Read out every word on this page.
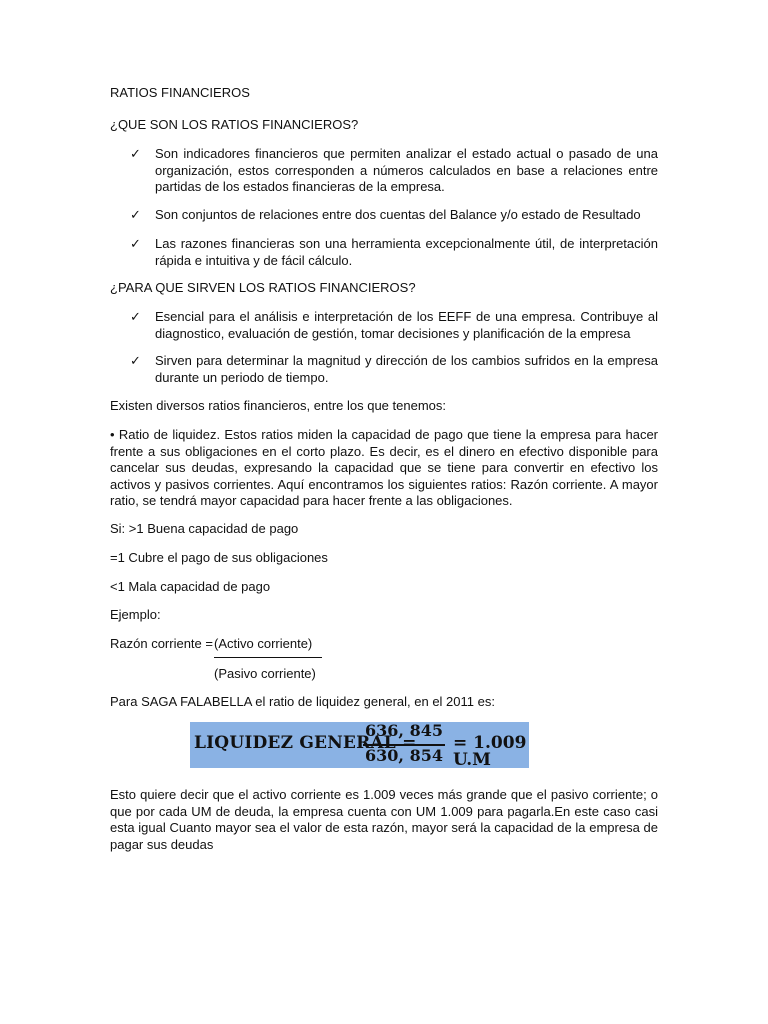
RATIOS FINANCIEROS
¿QUE SON LOS RATIOS FINANCIEROS?
✓ Son indicadores financieros que permiten analizar el estado actual o pasado de una organización, estos corresponden a números calculados en base a relaciones entre partidas de los estados financieras de la empresa.
✓ Son conjuntos de relaciones entre dos cuentas del Balance y/o estado de Resultado
✓ Las razones financieras son una herramienta excepcionalmente útil, de interpretación rápida e intuitiva y de fácil cálculo.
¿PARA QUE SIRVEN LOS RATIOS FINANCIEROS?
✓ Esencial para el análisis e interpretación de los EEFF de una empresa. Contribuye al diagnostico, evaluación de gestión, tomar decisiones y planificación de la empresa
✓ Sirven para determinar la magnitud y dirección de los cambios sufridos en la empresa durante un periodo de tiempo.
Existen diversos ratios financieros, entre los que tenemos:
• Ratio de liquidez. Estos ratios miden la capacidad de pago que tiene la empresa para hacer frente a sus obligaciones en el corto plazo. Es decir, es el dinero en efectivo disponible para cancelar sus deudas, expresando la capacidad que se tiene para convertir en efectivo los activos y pasivos corrientes. Aquí encontramos los siguientes ratios: Razón corriente. A mayor ratio, se tendrá mayor capacidad para hacer frente a las obligaciones.
Si: >1 Buena capacidad de pago
=1 Cubre el pago de sus obligaciones
<1 Mala capacidad de pago
Ejemplo:
Razón corriente = (Activo corriente)
(Pasivo corriente)
Para SAGA FALABELLA el ratio de liquidez general, en el 2011 es:
LIQUIDEZ GENERAL =
636, 845
630, 854
= 1.009 U.M
Esto quiere decir que el activo corriente es 1.009 veces más grande que el pasivo corriente; o que por cada UM de deuda, la empresa cuenta con UM 1.009 para pagarla.En este caso casi esta igual Cuanto mayor sea el valor de esta razón, mayor será la capacidad de la empresa de pagar sus deudas
